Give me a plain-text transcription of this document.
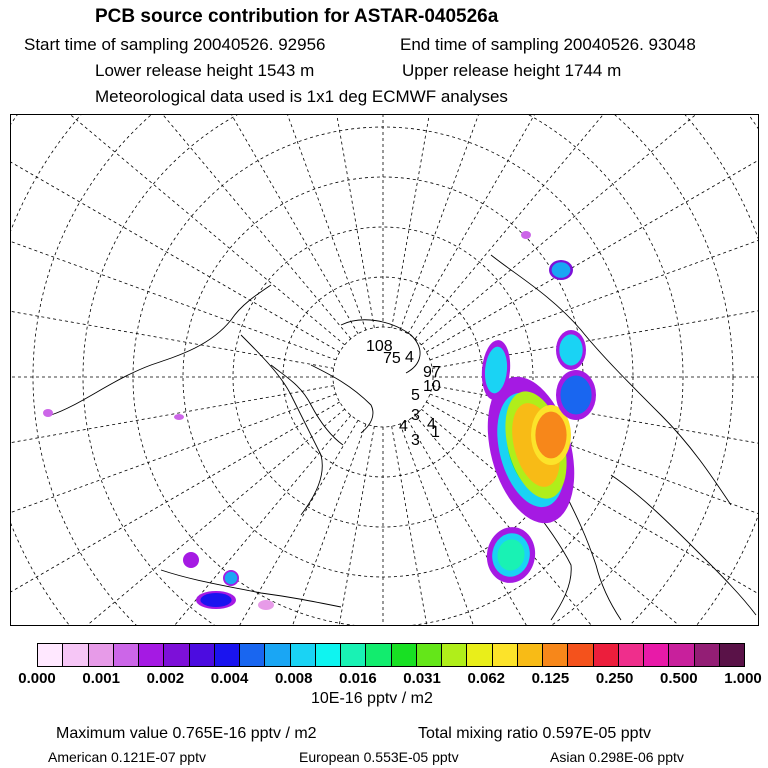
PCB source contribution for ASTAR-040526a
Start time of sampling 20040526. 92956	End time of sampling 20040526. 93048
Lower release height 1543 m	Upper release height 1744 m
Meteorological data used is 1x1 deg ECMWF analyses
108
75 4
97
5
10
3
4 4
3 1
0.000 0.001 0.002 0.004 0.008 0.016 0.031 0.062 0.125 0.250 0.500 1.000
10E-16 pptv / m2
Maximum value 0.765E-16 pptv / m2	Total mixing ratio 0.597E-05 pptv
American 0.121E-07 pptv	European 0.553E-05 pptv	Asian 0.298E-06 pptv
